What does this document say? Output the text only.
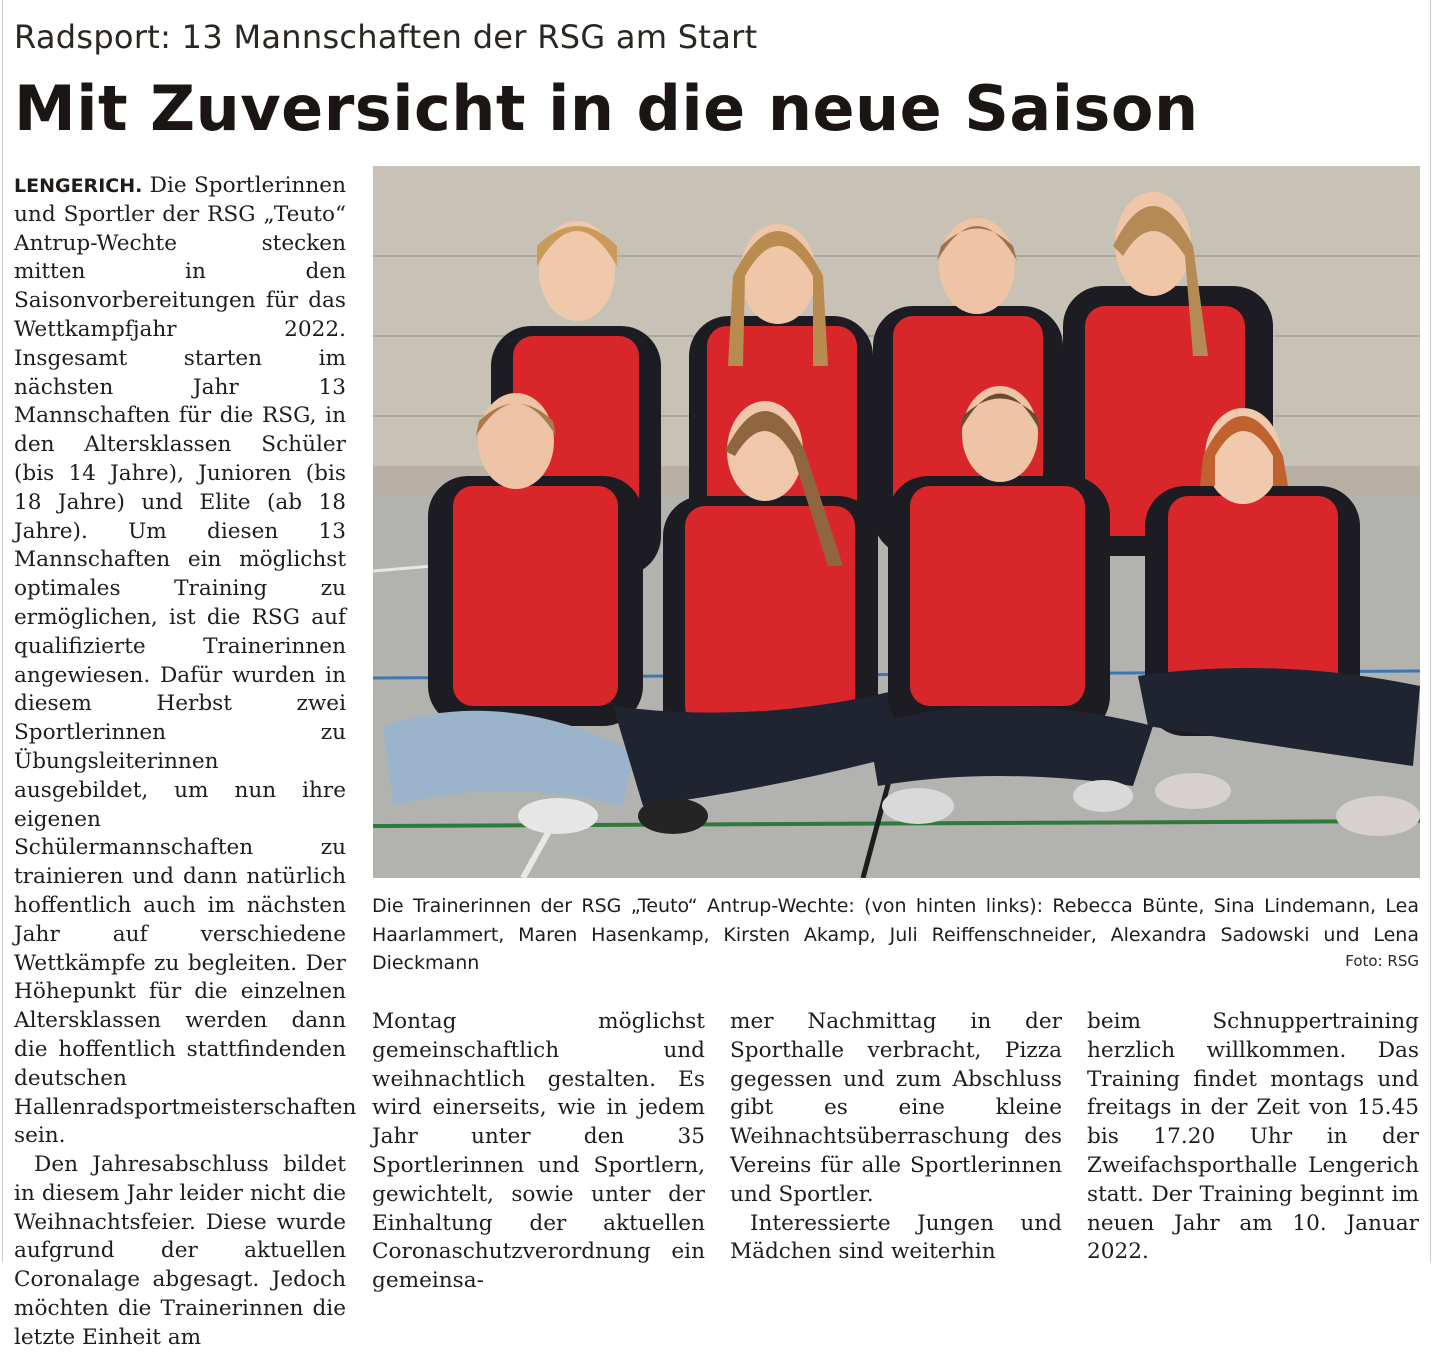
Radsport: 13 Mannschaften der RSG am Start
Mit Zuversicht in die neue Saison

LENGERICH. Die Sportlerinnen und Sportler der RSG „Teuto“ Antrup-Wechte stecken mitten in den Saisonvorbereitungen für das Wettkampfjahr 2022. Insgesamt starten im nächsten Jahr 13 Mannschaften für die RSG, in den Altersklassen Schüler (bis 14 Jahre), Junioren (bis 18 Jahre) und Elite (ab 18 Jahre). Um diesen 13 Mannschaften ein möglichst optimales Training zu ermöglichen, ist die RSG auf qualifizierte Trainerinnen angewiesen. Dafür wurden in diesem Herbst zwei Sportlerinnen zu Übungsleiterinnen ausgebildet, um nun ihre eigenen Schülermannschaften zu trainieren und dann natürlich hoffentlich auch im nächsten Jahr auf verschiedene Wettkämpfe zu begleiten. Der Höhepunkt für die einzelnen Altersklassen werden dann die hoffentlich stattfindenden deutschen Hallenradsportmeisterschaften sein.

Den Jahresabschluss bildet in diesem Jahr leider nicht die Weihnachtsfeier. Diese wurde aufgrund der aktuellen Coronalage abgesagt. Jedoch möchten die Trainerinnen die letzte Einheit am

Die Trainerinnen der RSG „Teuto“ Antrup-Wechte: (von hinten links): Rebecca Bünte, Sina Lindemann, Lea Haarlammert, Maren Hasenkamp, Kirsten Akamp, Juli Reiffenschneider, Alexandra Sadowski und Lena Dieckmann	Foto: RSG

Montag möglichst gemeinschaftlich und weihnachtlich gestalten. Es wird einerseits, wie in jedem Jahr unter den 35 Sportlerinnen und Sportlern, gewichtelt, sowie unter der Einhaltung der aktuellen Coronaschutzverordnung ein gemeinsa-

mer Nachmittag in der Sporthalle verbracht, Pizza gegessen und zum Abschluss gibt es eine kleine Weihnachtsüberraschung des Vereins für alle Sportlerinnen und Sportler.

Interessierte Jungen und Mädchen sind weiterhin

beim Schnuppertraining herzlich willkommen. Das Training findet montags und freitags in der Zeit von 15.45 bis 17.20 Uhr in der Zweifachsporthalle Lengerich statt. Der Training beginnt im neuen Jahr am 10. Januar 2022.
